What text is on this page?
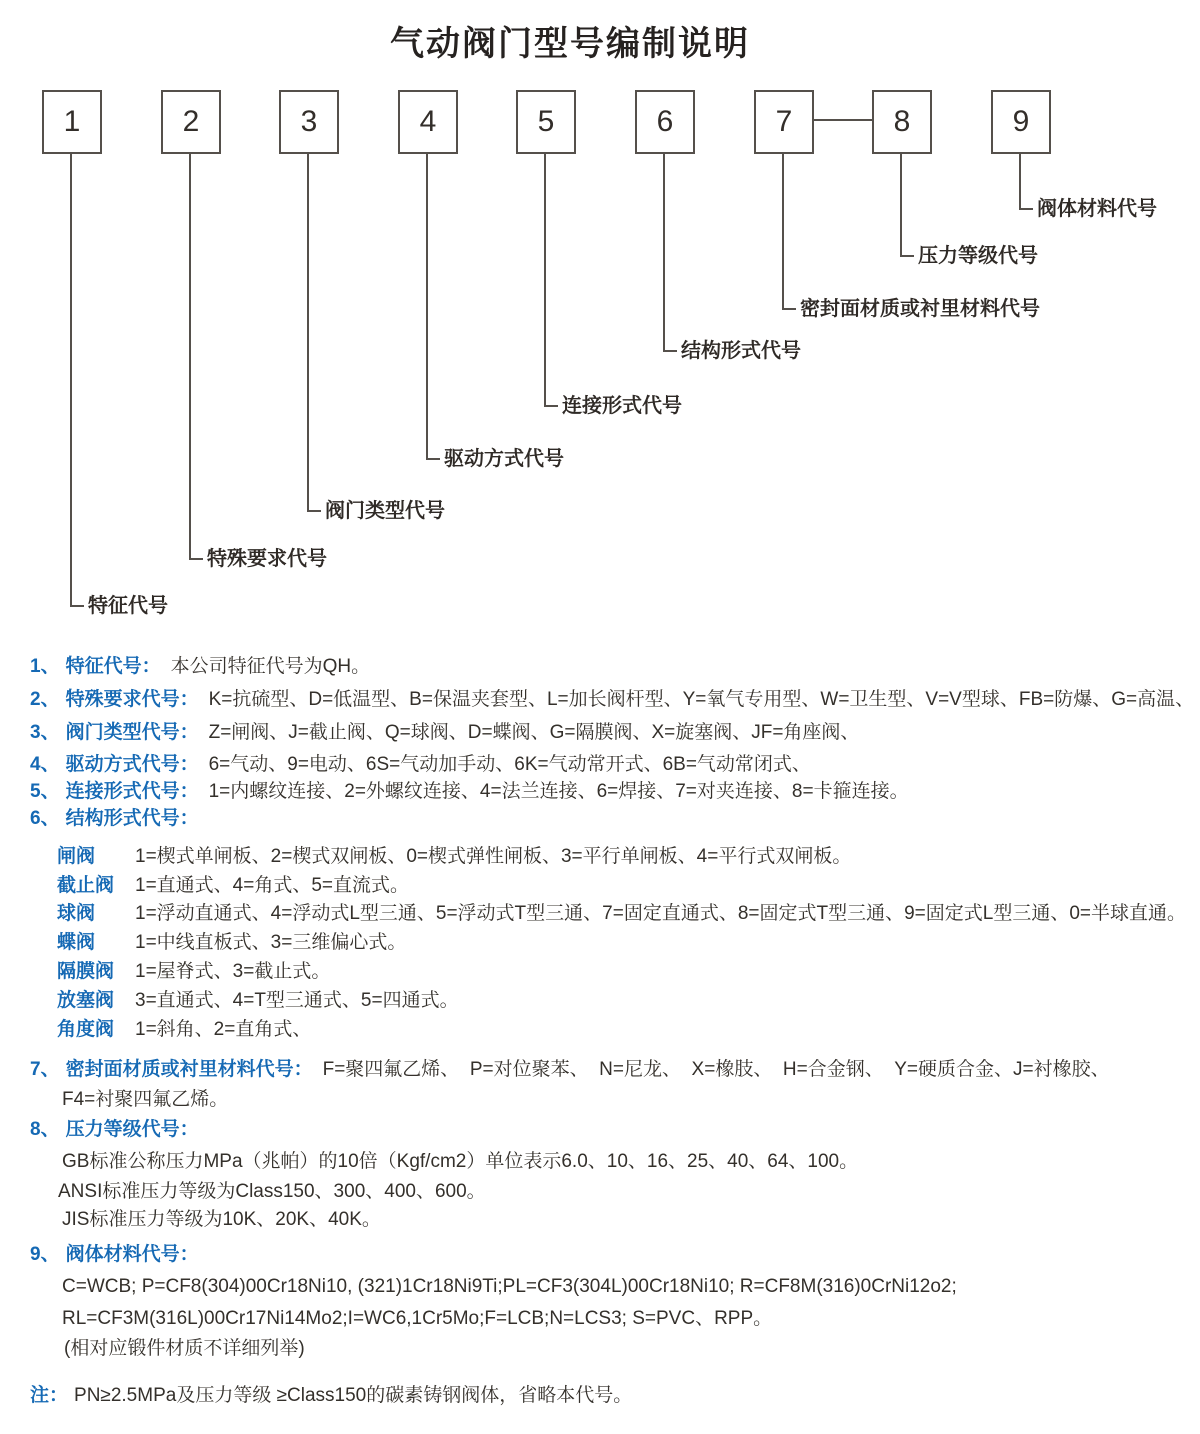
气动阀门型号编制说明
1	2	3	4	5	6	7	8	9
特征代号
特殊要求代号
阀门类型代号
驱动方式代号
连接形式代号
结构形式代号
密封面材质或衬里材料代号
压力等级代号
阀体材料代号
1、 特征代号： 本公司特征代号为QH。
2、 特殊要求代号： K=抗硫型、D=低温型、B=保温夹套型、L=加长阀杆型、Y=氧气专用型、W=卫生型、V=V型球、FB=防爆、G=高温、
3、 阀门类型代号： Z=闸阀、J=截止阀、Q=球阀、D=蝶阀、G=隔膜阀、X=旋塞阀、JF=角座阀、
4、 驱动方式代号： 6=气动、9=电动、6S=气动加手动、6K=气动常开式、6B=气动常闭式、
5、 连接形式代号： 1=内螺纹连接、2=外螺纹连接、4=法兰连接、6=焊接、7=对夹连接、8=卡箍连接。
6、 结构形式代号：
闸阀 1=楔式单闸板、2=楔式双闸板、0=楔式弹性闸板、3=平行单闸板、4=平行式双闸板。
截止阀 1=直通式、4=角式、5=直流式。
球阀 1=浮动直通式、4=浮动式L型三通、5=浮动式T型三通、7=固定直通式、8=固定式T型三通、9=固定式L型三通、0=半球直通。
蝶阀 1=中线直板式、3=三维偏心式。
隔膜阀 1=屋脊式、3=截止式。
放塞阀 3=直通式、4=T型三通式、5=四通式。
角度阀 1=斜角、2=直角式、
7、 密封面材质或衬里材料代号： F=聚四氟乙烯、  P=对位聚苯、  N=尼龙、  X=橡肢、  H=合金钢、  Y=硬质合金、J=衬橡胶、
F4=衬聚四氟乙烯。
8、 压力等级代号：
GB标准公称压力MPa（兆帕）的10倍（Kgf/cm2）单位表示6.0、10、16、25、40、64、100。
ANSI标准压力等级为Class150、300、400、600。
JIS标准压力等级为10K、20K、40K。
9、 阀体材料代号：
C=WCB; P=CF8(304)00Cr18Ni10, (321)1Cr18Ni9Ti;PL=CF3(304L)00Cr18Ni10; R=CF8M(316)0CrNi12o2;
RL=CF3M(316L)00Cr17Ni14Mo2;I=WC6,1Cr5Mo;F=LCB;N=LCS3; S=PVC、RPP。
(相对应锻件材质不详细列举)
注： PN≥2.5MPa及压力等级 ≥Class150的碳素铸钢阀体，省略本代号。
